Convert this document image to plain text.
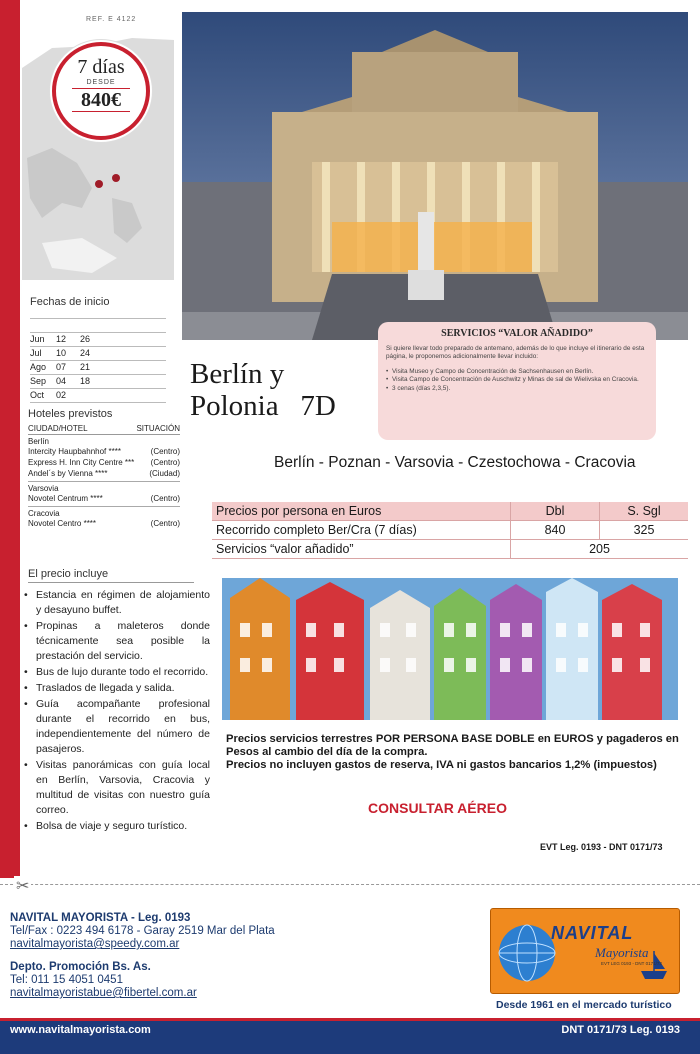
REF. E 4122
7 días
DESDE
840€
Fechas de inicio
Jun	12	26
Jul	10	24
Ago	07	21
Sep	04	18
Oct	02
Hoteles previstos
CIUDAD/HOTEL	SITUACIÓN
Berlín
Intercity Haupbahnhof ****	(Centro)
Express H. Inn City Centre *** (Centro)
Andel´s by Vienna ****	(Ciudad)
Varsovia
Novotel Centrum ****	(Centro)
Cracovia
Novotel Centro ****	(Centro)
El precio incluye
• Estancia en régimen de alojamiento y desayuno buffet.
• Propinas a maleteros donde técnicamente sea posible la prestación del servicio.
• Bus de lujo durante todo el recorrido.
• Traslados de llegada y salida.
• Guía acompañante profesional durante el recorrido en bus, independientemente del número de pasajeros.
• Visitas panorámicas con guía local en Berlín, Varsovia, Cracovia y multitud de visitas con nuestro guía correo.
• Bolsa de viaje y seguro turístico.
Berlín y
Polonia   7D
SERVICIOS “VALOR AÑADIDO”
Si quiere llevar todo preparado de antemano, además de lo que incluye el itinerario de esta página, le proponemos adicionalmente llevar incluido:
• Visita Museo y Campo de Concentración de Sachsenhausen en Berlín.
• Visita Campo de Concentración de Auschwitz y Minas de sal de Wielivska en Cracovia.
• 3 cenas (días 2,3,5).
Berlín - Poznan - Varsovia - Czestochowa - Cracovia
Precios por persona en Euros	Dbl	S. Sgl
Recorrido completo Ber/Cra (7 días)	840	325
Servicios “valor añadido”	205	
Precios servicios terrestres POR PERSONA BASE DOBLE en EUROS y pagaderos en Pesos al cambio del día de la compra.
Precios no incluyen gastos de reserva, IVA ni gastos bancarios 1,2% (impuestos)
CONSULTAR AÉREO
EVT Leg. 0193 - DNT 0171/73
✂
NAVITAL MAYORISTA - Leg. 0193
Tel/Fax : 0223 494 6178 - Garay 2519 Mar del Plata
navitalmayorista@speedy.com.ar
Depto. Promoción Bs. As.
Tel: 011 15 4051 0451
navitalmayoristabue@fibertel.com.ar
NAVITAL
Mayorista
EVT LEG 0193 - DNT 0171/73
Desde 1961 en el mercado turístico
www.navitalmayorista.com	DNT 0171/73 Leg. 0193
